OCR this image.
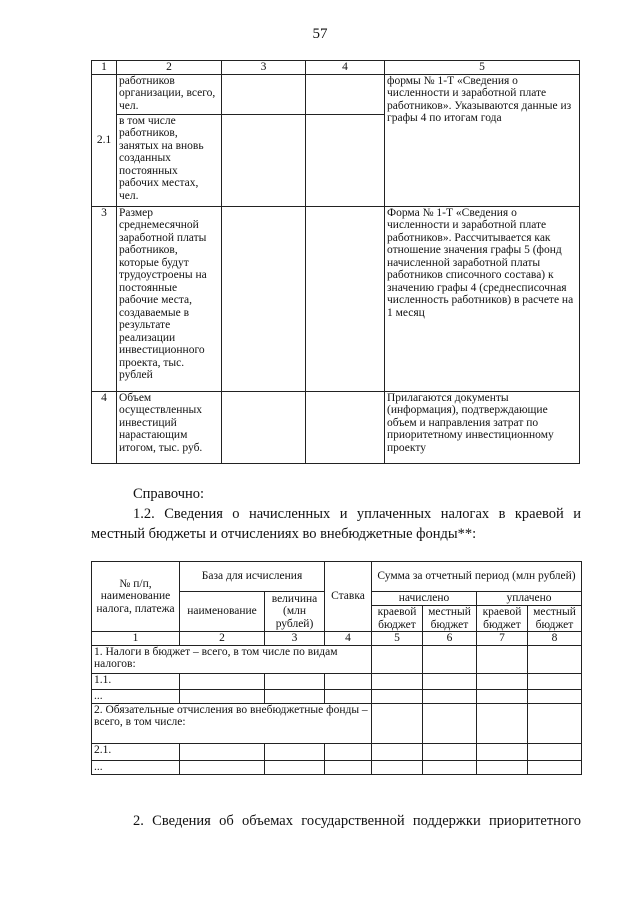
57
1	2	3	4	5
2.1	работников организации, всего, чел.			формы № 1-Т «Сведения о численности и заработной плате работников». Указываются данные из графы 4 по итогам года
	в том числе работников, занятых на вновь созданных постоянных рабочих местах, чел.			
3	Размер среднемесячной заработной платы работников, которые будут трудоустроены на постоянные рабочие места, создаваемые в результате реализации инвестиционного проекта, тыс. рублей			Форма № 1-Т «Сведения о численности и заработной плате работников». Рассчитывается как отношение значения графы 5 (фонд начисленной заработной платы работников списочного состава) к значению графы 4 (среднесписочная численность работников) в расчете на 1 месяц
4	Объем осуществленных инвестиций нарастающим итогом, тыс. руб.			Прилагаются документы (информация), подтверждающие объем и направления затрат по приоритетному инвестиционному проекту
Справочно:
1.2. Сведения о начисленных и уплаченных налогах в краевой и местный бюджеты и отчислениях во внебюджетные фонды**:
№ п/п, наименование налога, платежа	База для исчисления		Ставка	Сумма за отчетный период (млн рублей)			
	наименование	величина (млн рублей)		начислено		уплачено	
				краевой бюджет	местный бюджет	краевой бюджет	местный бюджет
1	2	3	4	5	6	7	8
1. Налоги в бюджет – всего, в том числе по видам налогов:							
1.1.							
...							
2. Обязательные отчисления во внебюджетные фонды – всего, в том числе:							
2.1.							
...							
2. Сведения об объемах государственной поддержки приоритетного
